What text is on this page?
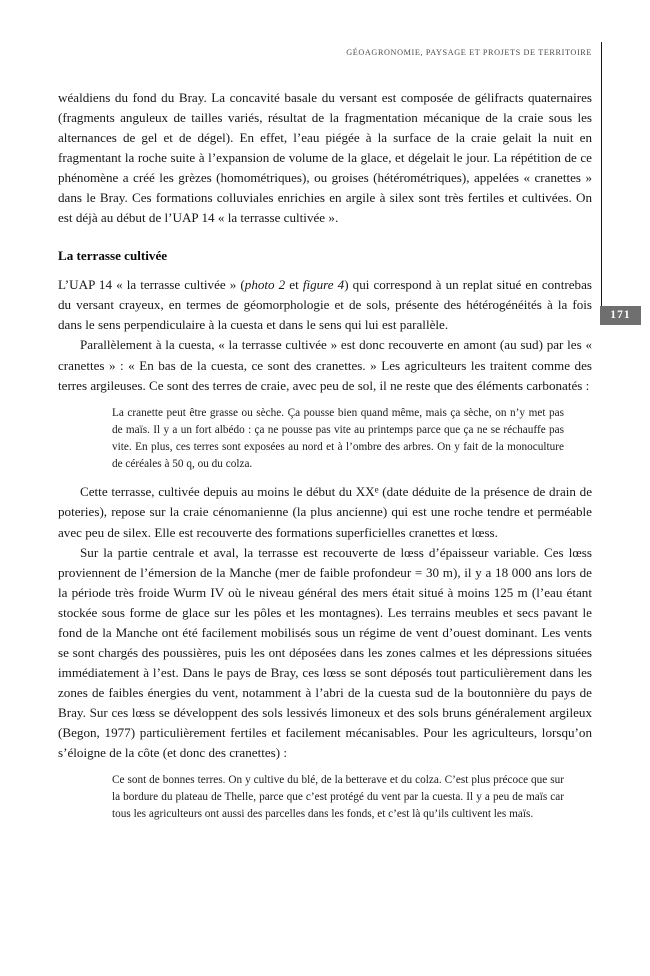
GÉOAGRONOMIE, PAYSAGE ET PROJETS DE TERRITOIRE
171

wéaldiens du fond du Bray. La concavité basale du versant est composée de gélifracts quaternaires (fragments anguleux de tailles variés, résultat de la fragmentation mécanique de la craie sous les alternances de gel et de dégel). En effet, l’eau piégée à la surface de la craie gelait la nuit en fragmentant la roche suite à l’expansion de volume de la glace, et dégelait le jour. La répétition de ce phénomène a créé les grèzes (homométriques), ou groises (hétérométriques), appelées « cranettes » dans le Bray. Ces formations colluviales enrichies en argile à silex sont très fertiles et cultivées. On est déjà au début de l’UAP 14 « la terrasse cultivée ».

La terrasse cultivée

L’UAP 14 « la terrasse cultivée » (photo 2 et figure 4) qui correspond à un replat situé en contrebas du versant crayeux, en termes de géomorphologie et de sols, présente des hétérogénéités à la fois dans le sens perpendiculaire à la cuesta et dans le sens qui lui est parallèle.

Parallèlement à la cuesta, « la terrasse cultivée » est donc recouverte en amont (au sud) par les « cranettes » : « En bas de la cuesta, ce sont des cranettes. » Les agriculteurs les traitent comme des terres argileuses. Ce sont des terres de craie, avec peu de sol, il ne reste que des éléments carbonatés :

La cranette peut être grasse ou sèche. Ça pousse bien quand même, mais ça sèche, on n’y met pas de maïs. Il y a un fort albédo : ça ne pousse pas vite au printemps parce que ça ne se réchauffe pas vite. En plus, ces terres sont exposées au nord et à l’ombre des arbres. On y fait de la monoculture de céréales à 50 q, ou du colza.

Cette terrasse, cultivée depuis au moins le début du XXe (date déduite de la présence de drain de poteries), repose sur la craie cénomanienne (la plus ancienne) qui est une roche tendre et perméable avec peu de silex. Elle est recouverte des formations superficielles cranettes et lœss.

Sur la partie centrale et aval, la terrasse est recouverte de lœss d’épaisseur variable. Ces lœss proviennent de l’émersion de la Manche (mer de faible profondeur = 30 m), il y a 18 000 ans lors de la période très froide Wurm IV où le niveau général des mers était situé à moins 125 m (l’eau étant stockée sous forme de glace sur les pôles et les montagnes). Les terrains meubles et secs pavant le fond de la Manche ont été facilement mobilisés sous un régime de vent d’ouest dominant. Les vents se sont chargés des poussières, puis les ont déposées dans les zones calmes et les dépressions situées immédiatement à l’est. Dans le pays de Bray, ces lœss se sont déposés tout particulièrement dans les zones de faibles énergies du vent, notamment à l’abri de la cuesta sud de la boutonnière du pays de Bray. Sur ces lœss se développent des sols lessivés limoneux et des sols bruns généralement argileux (Begon, 1977) particulièrement fertiles et facilement mécanisables. Pour les agriculteurs, lorsqu’on s’éloigne de la côte (et donc des cranettes) :

Ce sont de bonnes terres. On y cultive du blé, de la betterave et du colza. C’est plus précoce que sur la bordure du plateau de Thelle, parce que c’est protégé du vent par la cuesta. Il y a peu de maïs car tous les agriculteurs ont aussi des parcelles dans les fonds, et c’est là qu’ils cultivent les maïs.
